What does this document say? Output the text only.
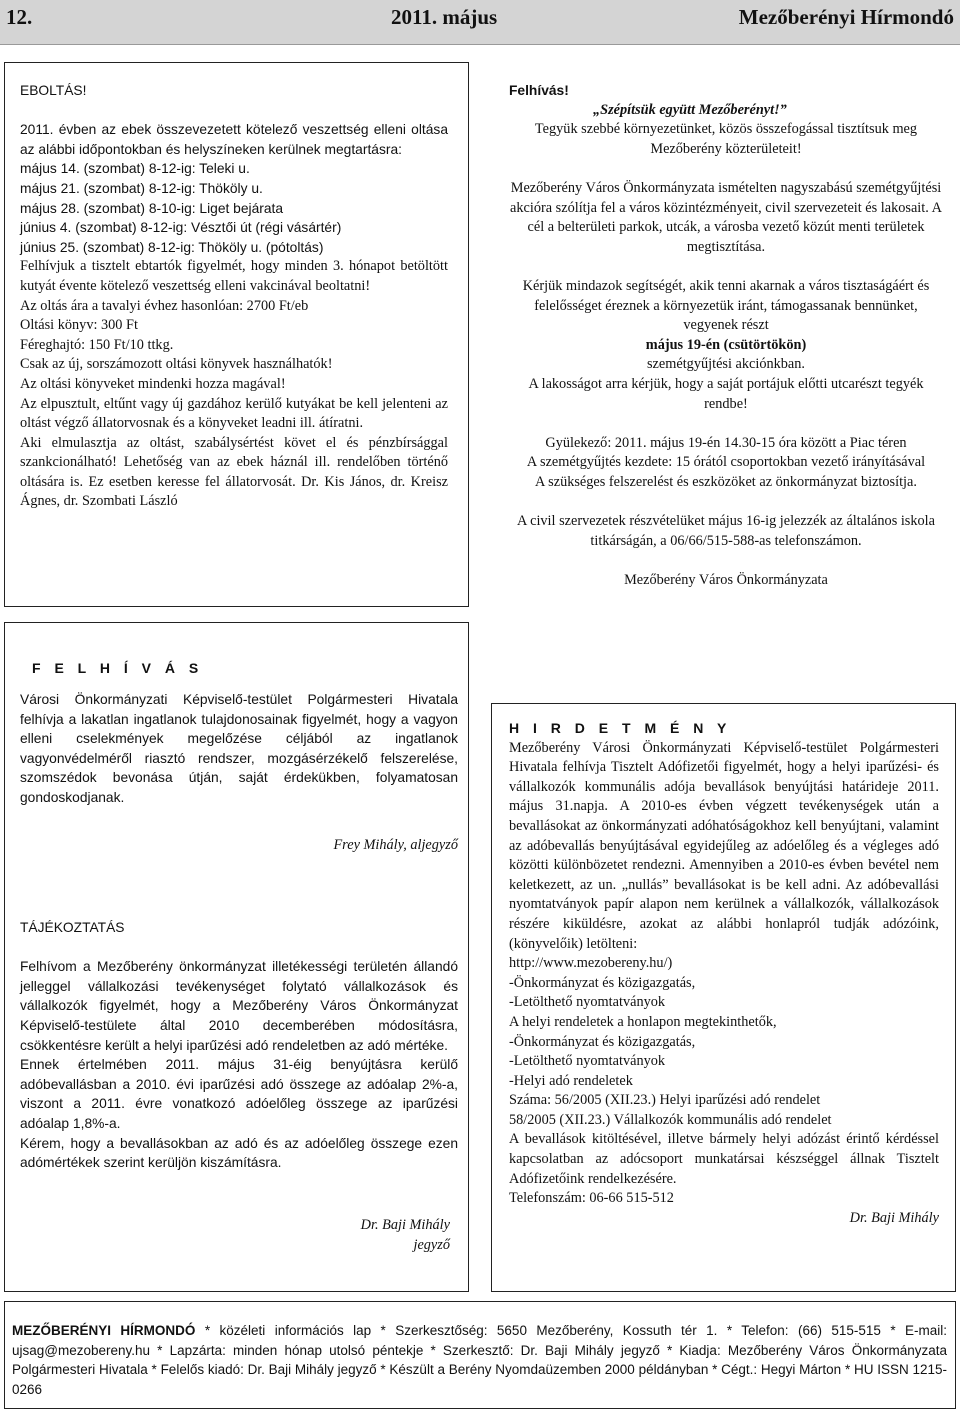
12.	2011. május	Mezőberényi Hírmondó

EBOLTÁS!

2011. évben az ebek összevezetett kötelező veszettség elleni oltása az alábbi időpontokban és helyszíneken kerülnek megtartásra:

május 14. (szombat) 8-12-ig: Teleki u.

május 21. (szombat) 8-12-ig: Thököly u.

május 28. (szombat) 8-10-ig: Liget bejárata

június 4. (szombat) 8-12-ig: Vésztői út (régi vásártér)

június 25. (szombat) 8-12-ig: Thököly u. (pótoltás)

Felhívjuk a tisztelt ebtartók figyelmét, hogy minden 3. hónapot betöltött kutyát évente kötelező veszettség elleni vakcinával beoltatni!

Az oltás ára a tavalyi évhez hasonlóan: 2700 Ft/eb

Oltási könyv: 300 Ft

Féreghajtó: 150 Ft/10 ttkg.

Csak az új, sorszámozott oltási könyvek használhatók!

Az oltási könyveket mindenki hozza magával!

Az elpusztult, eltűnt vagy új gazdához kerülő kutyákat be kell jelenteni az oltást végző állatorvosnak és a könyveket leadni ill. átíratni.

Aki elmulasztja az oltást, szabálysértést követ el és pénzbírsággal szankcionálható! Lehetőség van az ebek háznál ill. rendelőben történő oltására is. Ez esetben keresse fel állatorvosát. Dr. Kis János, dr. Kreisz Ágnes, dr. Szombati László

F E L H Í V Á S

Városi Önkormányzati Képviselő-testület Polgármesteri Hivatala felhívja a lakatlan ingatlanok tulajdonosainak figyelmét, hogy a vagyon elleni cselekmények megelőzése céljából az ingatlanok vagyonvédelméről riasztó rendszer, mozgásérzékelő felszerelése, szomszédok bevonása útján, saját érdekükben, folyamatosan gondoskodjanak.

Frey Mihály, aljegyző

TÁJÉKOZTATÁS

Felhívom a Mezőberény önkormányzat illetékességi területén állandó jelleggel vállalkozási tevékenységet folytató vállalkozások és vállalkozók figyelmét, hogy a Mezőberény Város Önkormányzat Képviselő-testülete által 2010 decemberében módosításra, csökkentésre került a helyi iparűzési adó rendeletben az adó mértéke.

Ennek értelmében 2011. május 31-éig benyújtásra kerülő adóbevallásban a 2010. évi iparűzési adó összege az adóalap 2%-a, viszont a 2011. évre vonatkozó adóelőleg összege az iparűzési adóalap 1,8%-a.

Kérem, hogy a bevallásokban az adó és az adóelőleg összege ezen adómértékek szerint kerüljön kiszámításra.

Dr. Baji Mihály

jegyző

Felhívás!

„Szépítsük együtt Mezőberényt!”

Tegyük szebbé környezetünket, közös összefogással tisztítsuk meg Mezőberény közterületeit!

Mezőberény Város Önkormányzata ismételten nagyszabású szemétgyűjtési akcióra szólítja fel a város közintézményeit, civil szervezeteit és lakosait. A cél a belterületi parkok, utcák, a városba vezető közút menti területek megtisztítása.

Kérjük mindazok segítségét, akik tenni akarnak a város tisztaságáért és felelősséget éreznek a környezetük iránt, támogassanak bennünket, vegyenek részt

május 19-én (csütörtökön)

szemétgyűjtési akciónkban.

A lakosságot arra kérjük, hogy a saját portájuk előtti utcarészt tegyék rendbe!

Gyülekező: 2011. május 19-én 14.30-15 óra között a Piac téren

A szemétgyűjtés kezdete: 15 órától csoportokban vezető irányításával

A szükséges felszerelést és eszközöket az önkormányzat biztosítja.

A civil szervezetek részvételüket május 16-ig jelezzék az általános iskola titkárságán, a 06/66/515-588-as telefonszámon.

Mezőberény Város Önkormányzata

H I R D E T M É N Y

Mezőberény Városi Önkormányzati Képviselő-testület Polgármesteri Hivatala felhívja Tisztelt Adófizetői figyelmét, hogy a helyi iparűzési- és vállalkozók kommunális adója bevallások benyújtási határideje 2011. május 31.napja. A 2010-es évben végzett tevékenységek után a bevallásokat az önkormányzati adóhatóságokhoz kell benyújtani, valamint az adóbevallás benyújtásával egyidejűleg az adóelőleg és a végleges adó közötti különbözetet rendezni. Amennyiben a 2010-es évben bevétel nem keletkezett, az un. „nullás” bevallásokat is be kell adni. Az adóbevallási nyomtatványok papír alapon nem kerülnek a vállalkozók, vállalkozások részére kiküldésre, azokat az alábbi honlapról tudják adózóink, (könyvelőik) letölteni:

http://www.mezobereny.hu/)

-Önkormányzat és közigazgatás,

-Letölthető nyomtatványok

A helyi rendeletek a honlapon megtekinthetők,

-Önkormányzat és közigazgatás,

-Letölthető nyomtatványok

-Helyi adó rendeletek

Száma: 56/2005 (XII.23.) Helyi iparűzési adó rendelet

58/2005 (XII.23.) Vállalkozók kommunális adó rendelet

A bevallások kitöltésével, illetve bármely helyi adózást érintő kérdéssel kapcsolatban az adócsoport munkatársai készséggel állnak Tisztelt Adófizetőink rendelkezésére.

Telefonszám: 06-66 515-512

Dr. Baji Mihály

MEZŐBERÉNYI HÍRMONDÓ * közéleti információs lap * Szerkesztőség: 5650 Mezőberény, Kossuth tér 1. * Telefon: (66) 515-515 * E-mail: ujsag@mezobereny.hu * Lapzárta: minden hónap utolsó péntekje * Szerkesztő: Dr. Baji Mihály jegyző * Kiadja: Mezőberény Város Önkormányzata Polgármesteri Hivatala * Felelős kiadó: Dr. Baji Mihály jegyző * Készült a Berény Nyomdaüzemben 2000 példányban * Cégt.: Hegyi Márton * HU ISSN 1215-0266
